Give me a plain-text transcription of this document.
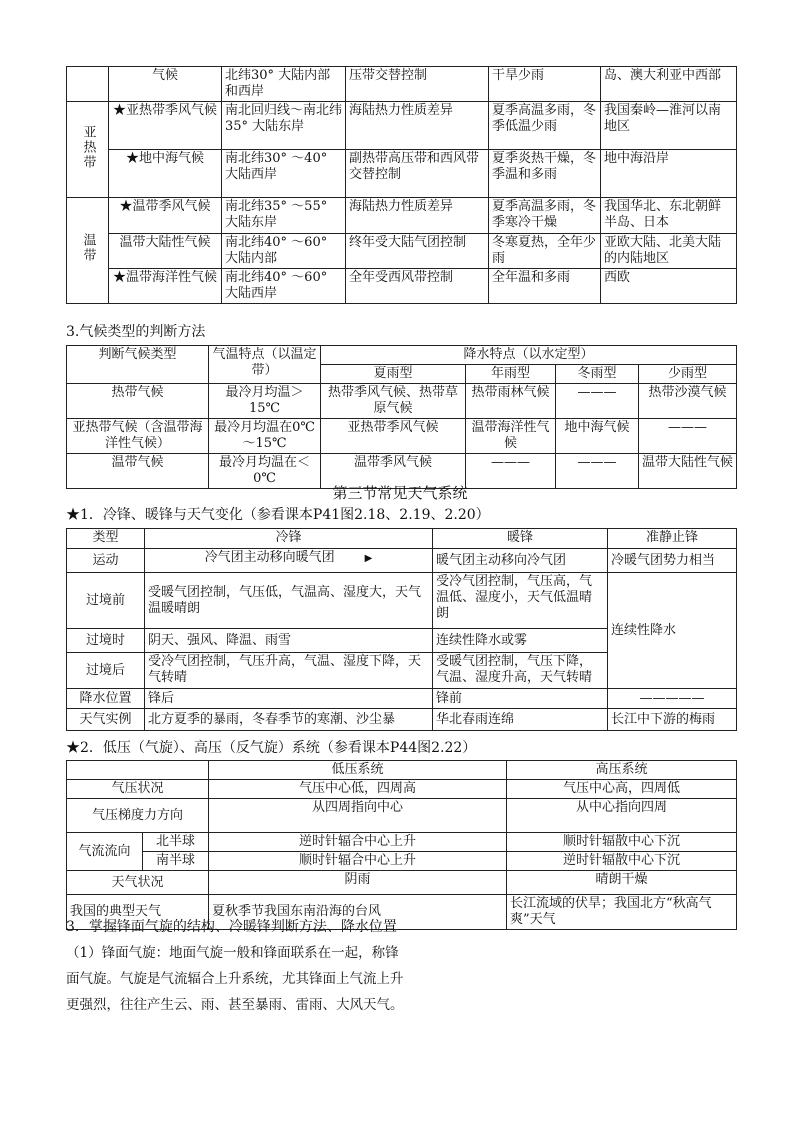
	气候	北纬30° 大陆内部和西岸	压带交替控制	干旱少雨	岛、澳大利亚中西部
亚热带	★亚热带季风气候	南北回归线～南北纬35° 大陆东岸	海陆热力性质差异	夏季高温多雨，冬季低温少雨	我国秦岭—淮河以南地区
	★地中海气候	南北纬30° ～40° 大陆西岸	副热带高压带和西风带交替控制	夏季炎热干燥，冬季温和多雨	地中海沿岸
温带	★温带季风气候	南北纬35° ～55° 大陆东岸	海陆热力性质差异	夏季高温多雨，冬季寒冷干燥	我国华北、东北朝鲜半岛、日本
	温带大陆性气候	南北纬40° ～60° 大陆内部	终年受大陆气团控制	冬寒夏热，全年少雨	亚欧大陆、北美大陆的内陆地区
	★温带海洋性气候	南北纬40° ～60° 大陆西岸	全年受西风带控制	全年温和多雨	西欧
3.气候类型的判断方法
判断气候类型	气温特点（以温定带）	降水特点（以水定型）			
		夏雨型	年雨型	冬雨型	少雨型
热带气候	最冷月均温＞15℃	热带季风气候、热带草原气候	热带雨林气候	———	热带沙漠气候
亚热带气候（含温带海洋性气候）	最冷月均温在0℃～15℃	亚热带季风气候	温带海洋性气候	地中海气候	———
温带气候	最冷月均温在＜0℃	温带季风气候	———	———	温带大陆性气候
第三节常见天气系统
★1．冷锋、暖锋与天气变化（参看课本P41图2.18、2.19、2.20）
类型	冷锋	暖锋	准静止锋
运动	冷气团主动移向暖气团 ▶	暖气团主动移向冷气团	冷暖气团势力相当
过境前	受暖气团控制，气压低，气温高、湿度大，天气温暖晴朗	受冷气团控制，气压高，气温低、湿度小，天气低温晴朗	连续性降水
过境时	阴天、强风、降温、雨雪	连续性降水或雾	
过境后	受冷气团控制，气压升高，气温、湿度下降，天气转晴	受暖气团控制，气压下降，气温、湿度升高，天气转晴	
降水位置	锋后	锋前	—————
天气实例	北方夏季的暴雨，冬春季节的寒潮、沙尘暴	华北春雨连绵	长江中下游的梅雨
★2．低压（气旋）、高压（反气旋）系统（参看课本P44图2.22）
		低压系统	高压系统
气压状况		气压中心低，四周高	气压中心高，四周低
气压梯度力方向		从四周指向中心	从中心指向四周
气流流向	北半球	逆时针辐合中心上升	顺时针辐散中心下沉
	南半球	顺时针辐合中心上升	逆时针辐散中心下沉
天气状况		阴雨	晴朗干燥
我国的典型天气		夏秋季节我国东南沿海的台风	长江流域的伏旱；我国北方“秋高气爽”天气
3．掌握锋面气旋的结构、冷暖锋判断方法、降水位置
（1）锋面气旋：地面气旋一般和锋面联系在一起，称锋面气旋。气旋是气流辐合上升系统，尤其锋面上气流上升更强烈，往往产生云、雨、甚至暴雨、雷雨、大风天气。
